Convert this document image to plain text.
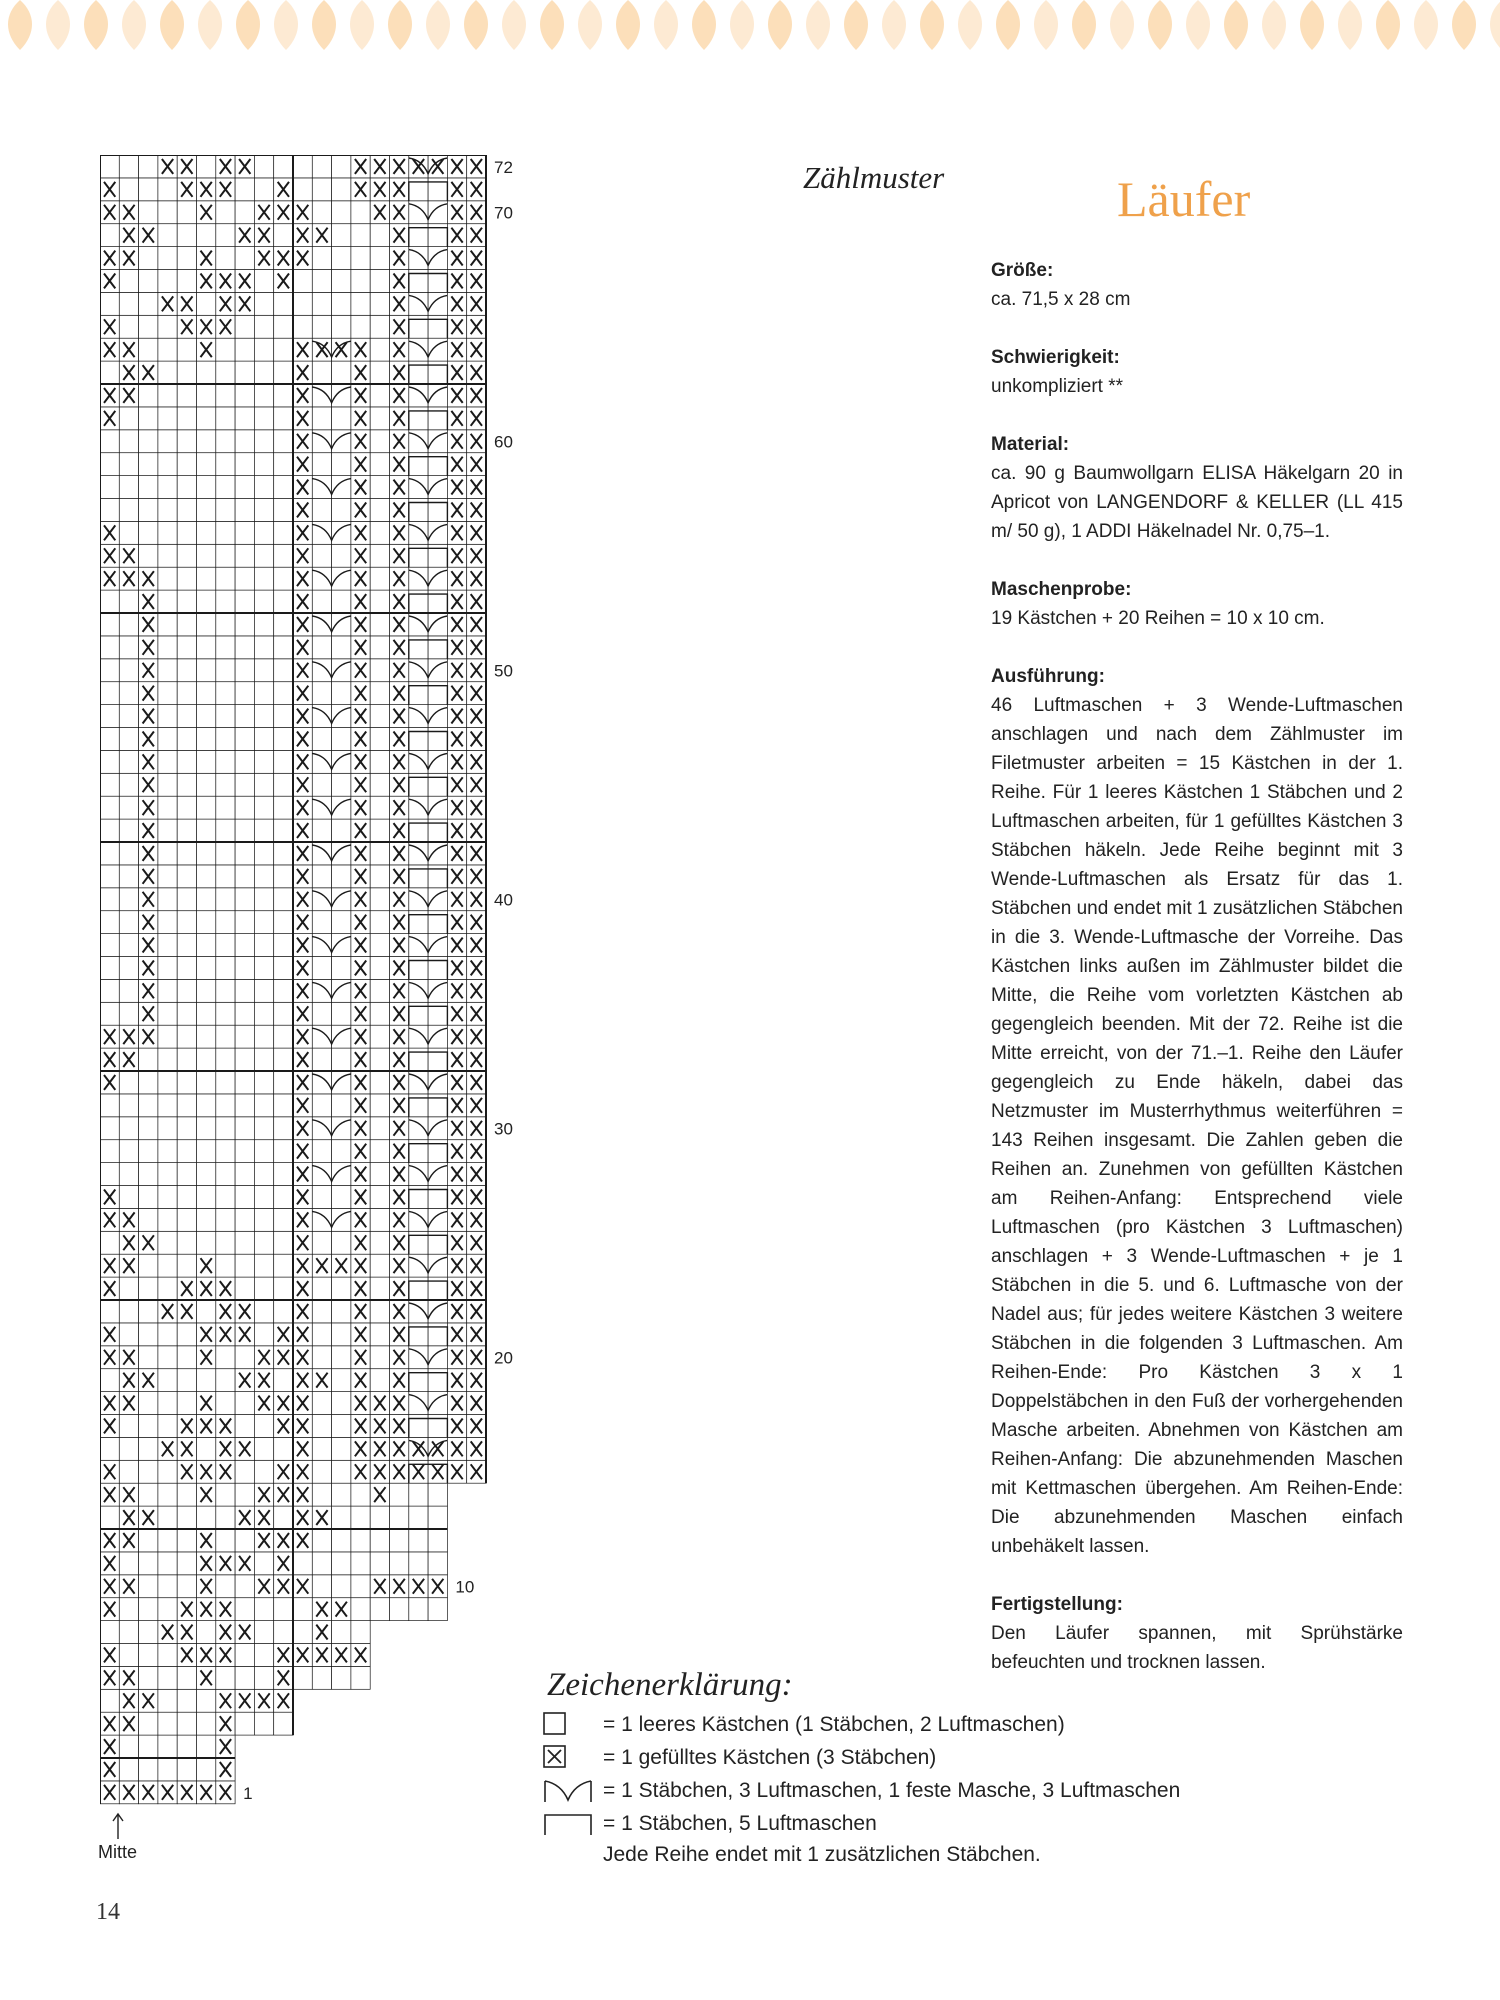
72
70
60
50
40
30
20
10
1
Zählmuster	Läufer
Größe:
ca. 71,5 x 28 cm
Schwierigkeit:
unkompliziert **
Material:
ca. 90 g Baumwollgarn ELISA Häkelgarn 20 in Apricot von LANGENDORF & KELLER (LL 415 m/ 50 g), 1 ADDI Häkelnadel Nr. 0,75–1.
Maschenprobe:
19 Kästchen + 20 Reihen = 10 x 10 cm.
Ausführung:
46 Luftmaschen + 3 Wende-Luftmaschen anschlagen und nach dem Zählmuster im Filetmuster arbeiten = 15 Kästchen in der 1. Reihe. Für 1 leeres Kästchen 1 Stäbchen und 2 Luftmaschen arbeiten, für 1 gefülltes Kästchen 3 Stäbchen häkeln. Jede Reihe beginnt mit 3 Wende-Luftmaschen als Ersatz für das 1. Stäbchen und endet mit 1 zusätzlichen Stäbchen in die 3. Wende-Luftmasche der Vorreihe. Das Kästchen links außen im Zählmuster bildet die Mitte, die Reihe vom vorletzten Kästchen ab gegengleich beenden. Mit der 72. Reihe ist die Mitte erreicht, von der 71.–1. Reihe den Läufer gegengleich zu Ende häkeln, dabei das Netzmuster im Musterrhythmus weiterführen = 143 Reihen insgesamt. Die Zahlen geben die Reihen an. Zunehmen von gefüllten Kästchen am Reihen-Anfang: Entsprechend viele Luftmaschen (pro Kästchen 3 Luftmaschen) anschlagen + 3 Wende-Luftmaschen + je 1 Stäbchen in die 5. und 6. Luftmasche von der Nadel aus; für jedes weitere Kästchen 3 weitere Stäbchen in die folgenden 3 Luftmaschen. Am Reihen-Ende: Pro Kästchen 3 x 1 Doppelstäbchen in den Fuß der vorhergehenden Masche arbeiten. Abnehmen von Kästchen am Reihen-Anfang: Die abzunehmenden Maschen mit Kettmaschen übergehen. Am Reihen-Ende: Die abzunehmenden Maschen einfach unbehäkelt lassen.
Fertigstellung:
Den Läufer spannen, mit Sprühstärke befeuchten und trocknen lassen.
Zeichenerklärung:
= 1 leeres Kästchen (1 Stäbchen, 2 Luftmaschen)
= 1 gefülltes Kästchen (3 Stäbchen)
= 1 Stäbchen, 3 Luftmaschen, 1 feste Masche, 3 Luftmaschen
= 1 Stäbchen, 5 Luftmaschen
Jede Reihe endet mit 1 zusätzlichen Stäbchen.
Mitte
14
